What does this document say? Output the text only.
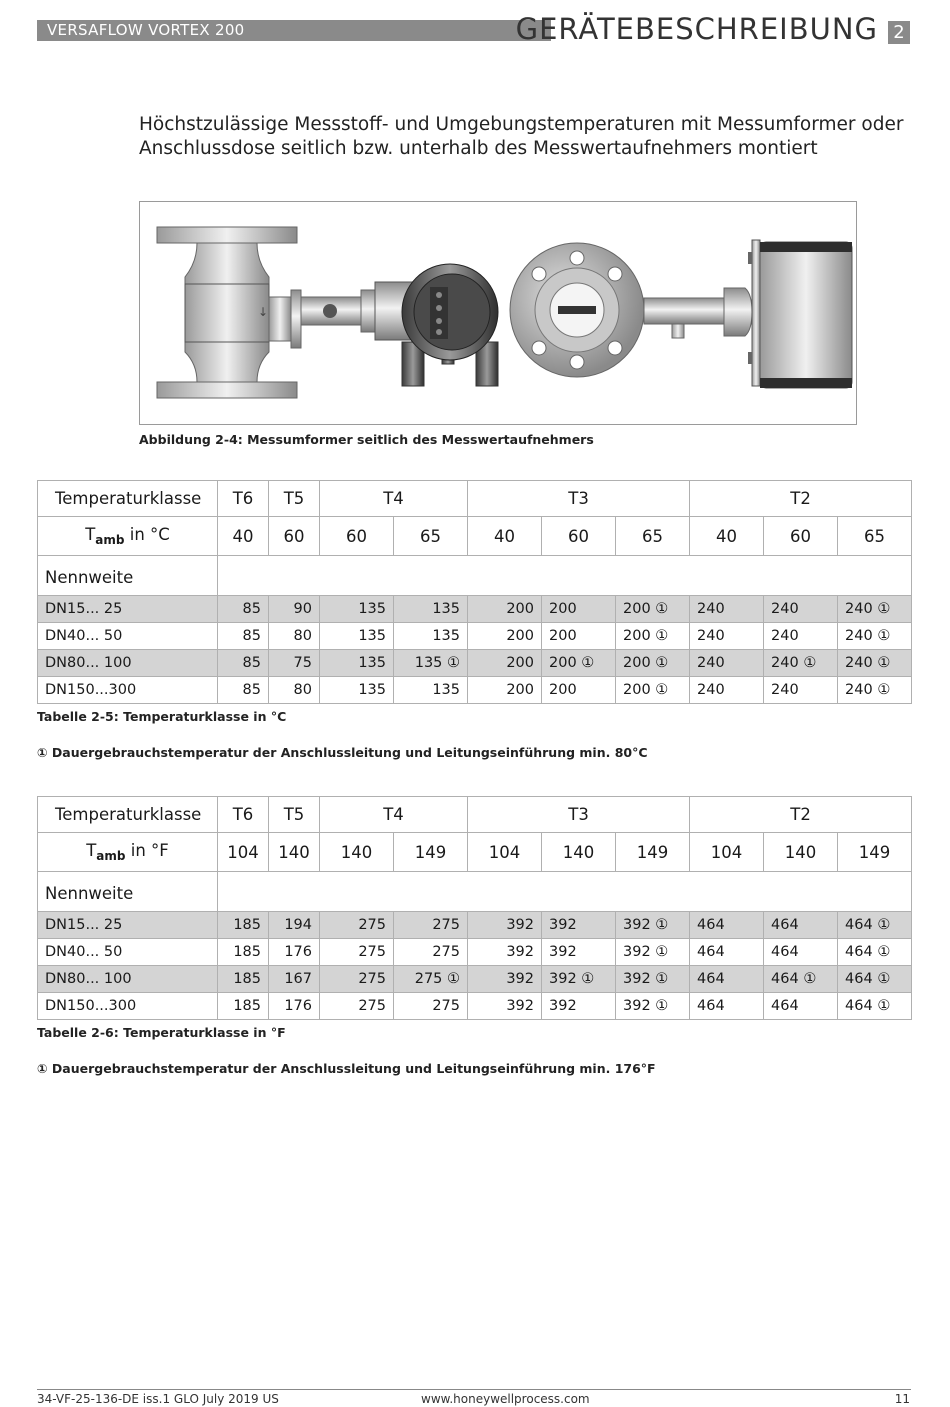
VERSAFLOW VORTEX 200	GERÄTEBESCHREIBUNG 2
Höchstzulässige Messstoff- und Umgebungstemperaturen mit Messumformer oder Anschlussdose seitlich bzw. unterhalb des Messwertaufnehmers montiert
↓
Abbildung 2-4: Messumformer seitlich des Messwertaufnehmers
Temperaturklasse	T6	T5	T4		T3			T2		
$T_{amb}$ in °C	40	60	60	65	40	60	65	40	60	65
Nennweite										
DN15... 25	85	90	135	135	200	200	200 ①	240	240	240 ①
DN40... 50	85	80	135	135	200	200	200 ①	240	240	240 ①
DN80... 100	85	75	135	135 ①	200	200 ①	200 ①	240	240 ①	240 ①
DN150...300	85	80	135	135	200	200	200 ①	240	240	240 ①
Tabelle 2-5: Temperaturklasse in °C
① Dauergebrauchstemperatur der Anschlussleitung und Leitungseinführung min. 80°C
Temperaturklasse	T6	T5	T4		T3			T2		
$T_{amb}$ in °F	104	140	140	149	104	140	149	104	140	149
Nennweite										
DN15... 25	185	194	275	275	392	392	392 ①	464	464	464 ①
DN40... 50	185	176	275	275	392	392	392 ①	464	464	464 ①
DN80... 100	185	167	275	275 ①	392	392 ①	392 ①	464	464 ①	464 ①
DN150...300	185	176	275	275	392	392	392 ①	464	464	464 ①
Tabelle 2-6: Temperaturklasse in °F
① Dauergebrauchstemperatur der Anschlussleitung und Leitungseinführung min. 176°F
34-VF-25-136-DE iss.1 GLO July 2019 US	www.honeywellprocess.com	11
